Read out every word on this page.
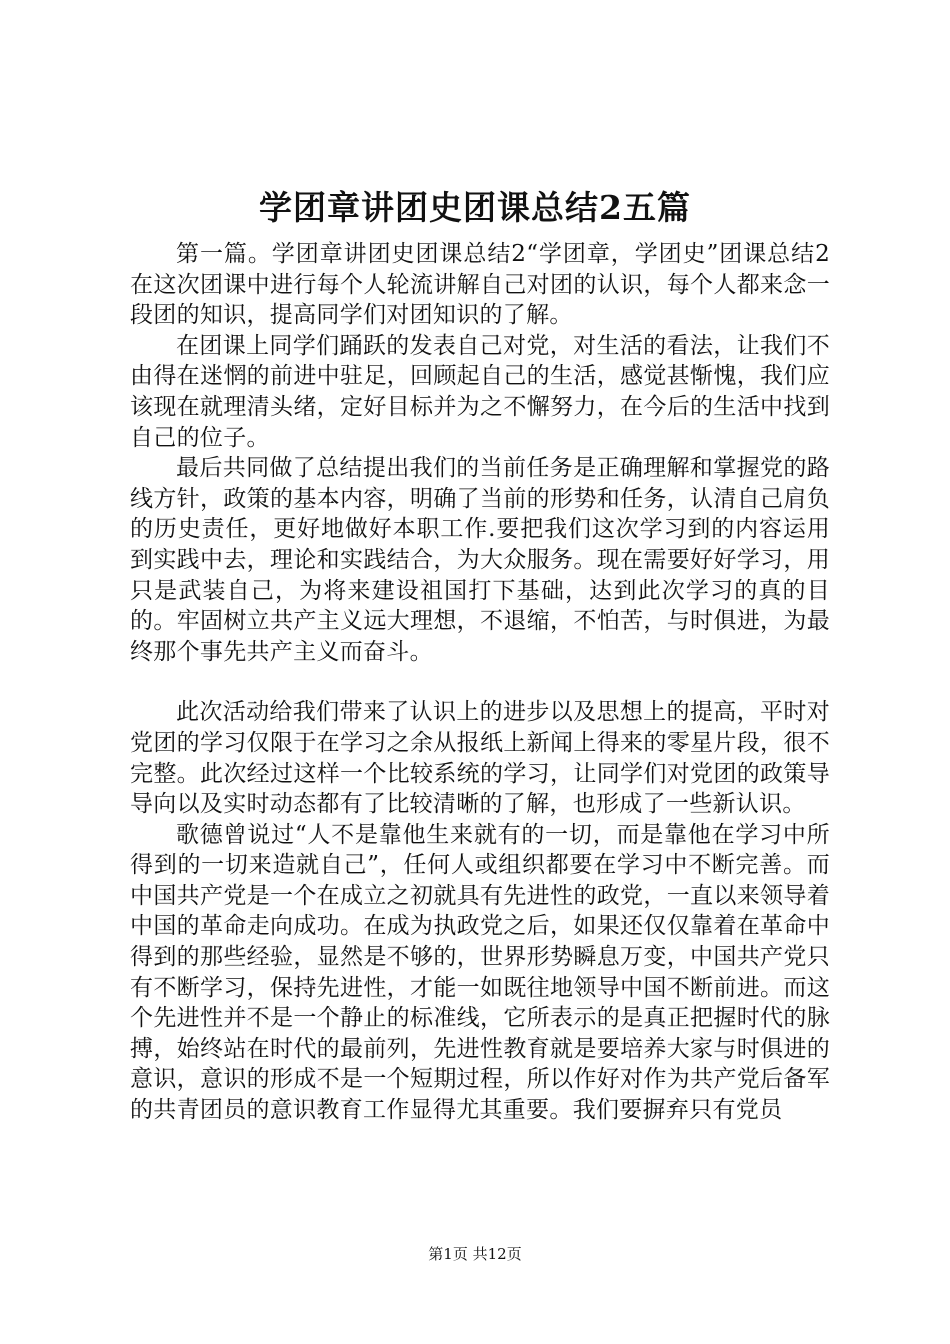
学团章讲团史团课总结2五篇

第一篇。学团章讲团史团课总结2“学团章，学团史”团课总结2在这次团课中进行每个人轮流讲解自己对团的认识，每个人都来念一段团的知识，提高同学们对团知识的了解。

在团课上同学们踊跃的发表自己对党，对生活的看法，让我们不由得在迷惘的前进中驻足，回顾起自己的生活，感觉甚惭愧，我们应该现在就理清头绪，定好目标并为之不懈努力，在今后的生活中找到自己的位子。

最后共同做了总结提出我们的当前任务是正确理解和掌握党的路线方针，政策的基本内容，明确了当前的形势和任务，认清自己肩负的历史责任，更好地做好本职工作.要把我们这次学习到的内容运用到实践中去，理论和实践结合，为大众服务。现在需要好好学习，用只是武装自己，为将来建设祖国打下基础，达到此次学习的真的目的。牢固树立共产主义远大理想，不退缩，不怕苦，与时俱进，为最终那个事先共产主义而奋斗。

此次活动给我们带来了认识上的进步以及思想上的提高，平时对党团的学习仅限于在学习之余从报纸上新闻上得来的零星片段，很不完整。此次经过这样一个比较系统的学习，让同学们对党团的政策导导向以及实时动态都有了比较清晰的了解，也形成了一些新认识。

歌德曾说过“人不是靠他生来就有的一切，而是靠他在学习中所得到的一切来造就自己”，任何人或组织都要在学习中不断完善。而中国共产党是一个在成立之初就具有先进性的政党，一直以来领导着中国的革命走向成功。在成为执政党之后，如果还仅仅靠着在革命中得到的那些经验，显然是不够的，世界形势瞬息万变，中国共产党只有不断学习，保持先进性，才能一如既往地领导中国不断前进。而这个先进性并不是一个静止的标准线，它所表示的是真正把握时代的脉搏，始终站在时代的最前列，先进性教育就是要培养大家与时俱进的意识，意识的形成不是一个短期过程，所以作好对作为共产党后备军的共青团员的意识教育工作显得尤其重要。我们要摒弃只有党员

第1页 共12页
